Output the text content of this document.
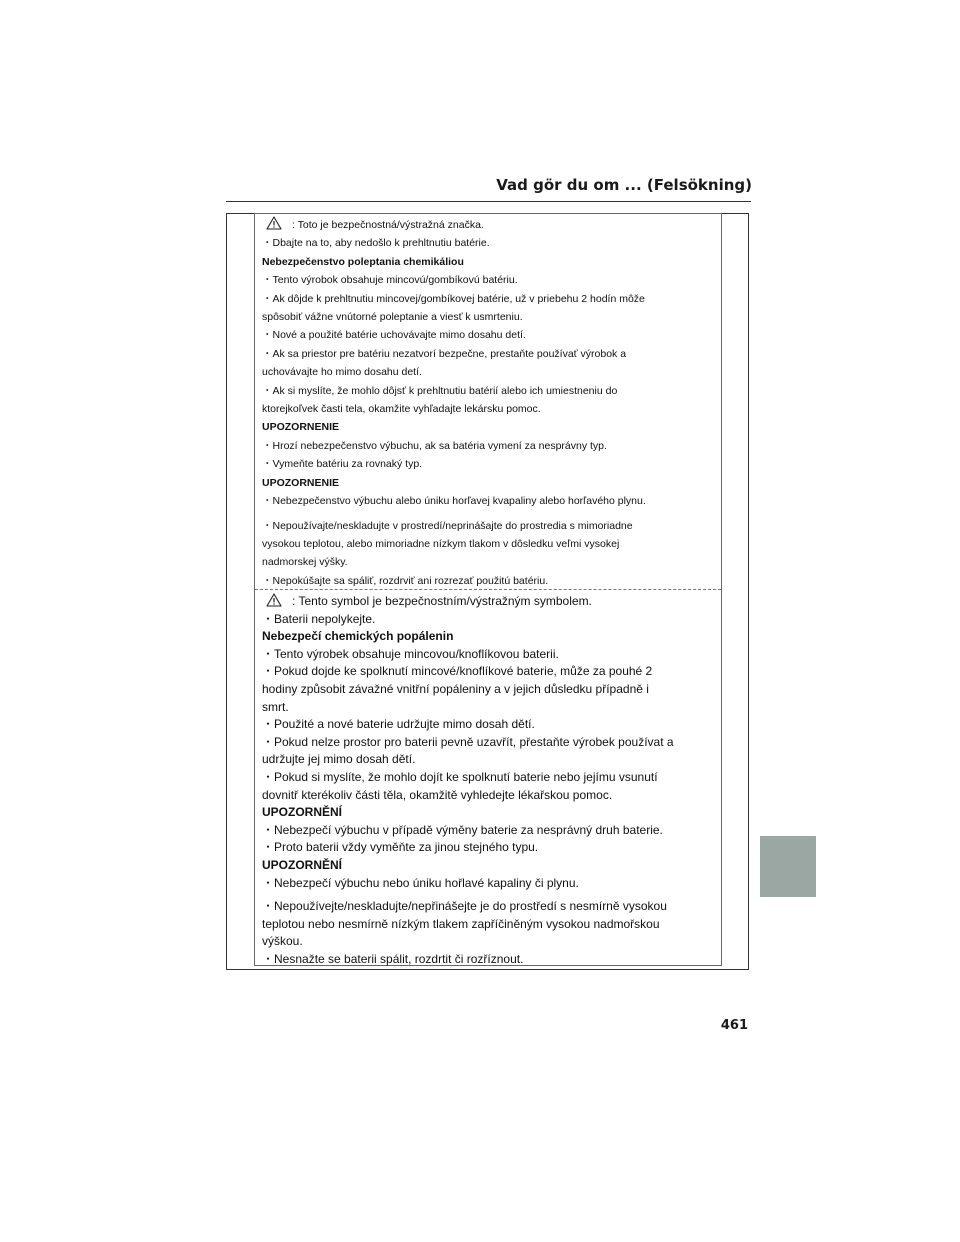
Vad gör du om ... (Felsökning)
: Toto je bezpečnostná/výstražná značka.
・Dbajte na to, aby nedošlo k prehltnutiu batérie.
Nebezpečenstvo poleptania chemikáliou
・Tento výrobok obsahuje mincovú/gombíkovú batériu.
・Ak dôjde k prehltnutiu mincovej/gombíkovej batérie, už v priebehu 2 hodín môže
spôsobiť vážne vnútorné poleptanie a viesť k usmrteniu.
・Nové a použité batérie uchovávajte mimo dosahu detí.
・Ak sa priestor pre batériu nezatvorí bezpečne, prestaňte používať výrobok a
uchovávajte ho mimo dosahu detí.
・Ak si myslíte, že mohlo dôjsť k prehltnutiu batérií alebo ich umiestneniu do
ktorejkoľvek časti tela, okamžite vyhľadajte lekársku pomoc.
UPOZORNENIE
・Hrozí nebezpečenstvo výbuchu, ak sa batéria vymení za nesprávny typ.
・Vymeňte batériu za rovnaký typ.
UPOZORNENIE
・Nebezpečenstvo výbuchu alebo úniku horľavej kvapaliny alebo horľavého plynu.
・Nepoužívajte/neskladujte v prostredí/neprinášajte do prostredia s mimoriadne
vysokou teplotou, alebo mimoriadne nízkym tlakom v dôsledku veľmi vysokej
nadmorskej výšky.
・Nepokúšajte sa spáliť, rozdrviť ani rozrezať použitú batériu.
: Tento symbol je bezpečnostním/výstražným symbolem.
・Baterii nepolykejte.
Nebezpečí chemických popálenin
・Tento výrobek obsahuje mincovou/knoflíkovou baterii.
・Pokud dojde ke spolknutí mincové/knoflíkové baterie, může za pouhé 2
hodiny způsobit závažné vnitřní popáleniny a v jejich důsledku případně i
smrt.
・Použité a nové baterie udržujte mimo dosah dětí.
・Pokud nelze prostor pro baterii pevně uzavřít, přestaňte výrobek používat a
udržujte jej mimo dosah dětí.
・Pokud si myslíte, že mohlo dojít ke spolknutí baterie nebo jejímu vsunutí
dovnitř kterékoliv části těla, okamžitě vyhledejte lékařskou pomoc.
UPOZORNĚNÍ
・Nebezpečí výbuchu v případě výměny baterie za nesprávný druh baterie.
・Proto baterii vždy vyměňte za jinou stejného typu.
UPOZORNĚNÍ
・Nebezpečí výbuchu nebo úniku hořlavé kapaliny či plynu.
・Nepoužívejte/neskladujte/nepřinášejte je do prostředí s nesmírně vysokou
teplotou nebo nesmírně nízkým tlakem zapříčiněným vysokou nadmořskou
výškou.
・Nesnažte se baterii spálit, rozdrtit či rozříznout.
461
